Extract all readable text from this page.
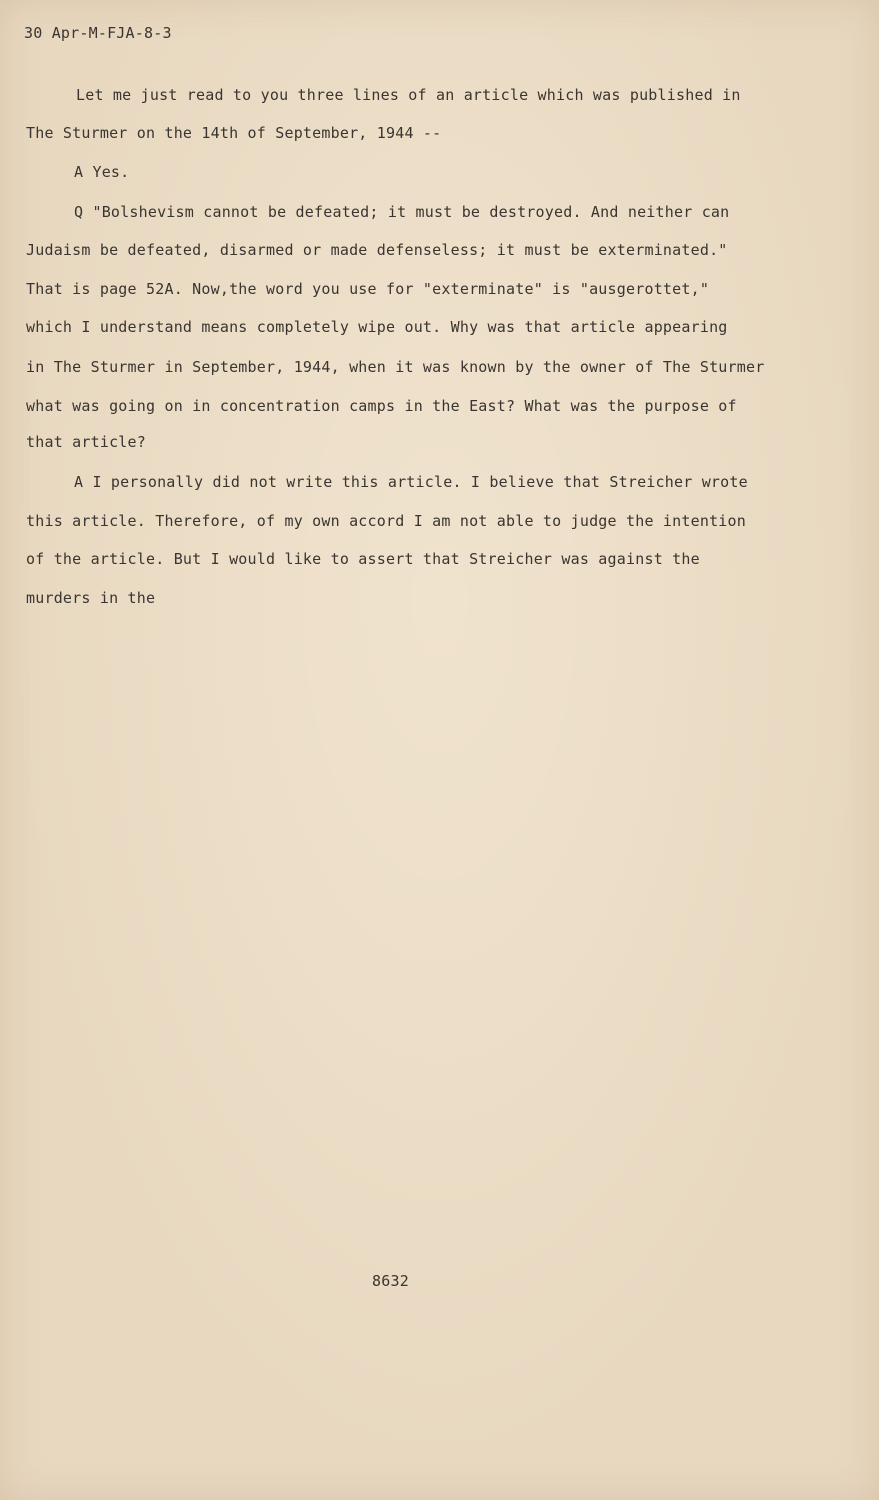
30 Apr-M-FJA-8-3
Let me just read to you three lines of an article which was published in
The Sturmer on the 14th of September, 1944 --
A Yes.
Q "Bolshevism cannot be defeated; it must be destroyed. And neither can
Judaism be defeated, disarmed or made defenseless; it must be exterminated."
That is page 52A. Now,the word you use for "exterminate" is "ausgerottet,"
which I understand means completely wipe out. Why was that article appearing
in The Sturmer in September, 1944, when it was known by the owner of The Sturmer
what was going on in concentration camps in the East? What was the purpose of
that article?
A I personally did not write this article. I believe that Streicher wrote
this article. Therefore, of my own accord I am not able to judge the intention
of the article. But I would like to assert that Streicher was against the
murders in the
8632
